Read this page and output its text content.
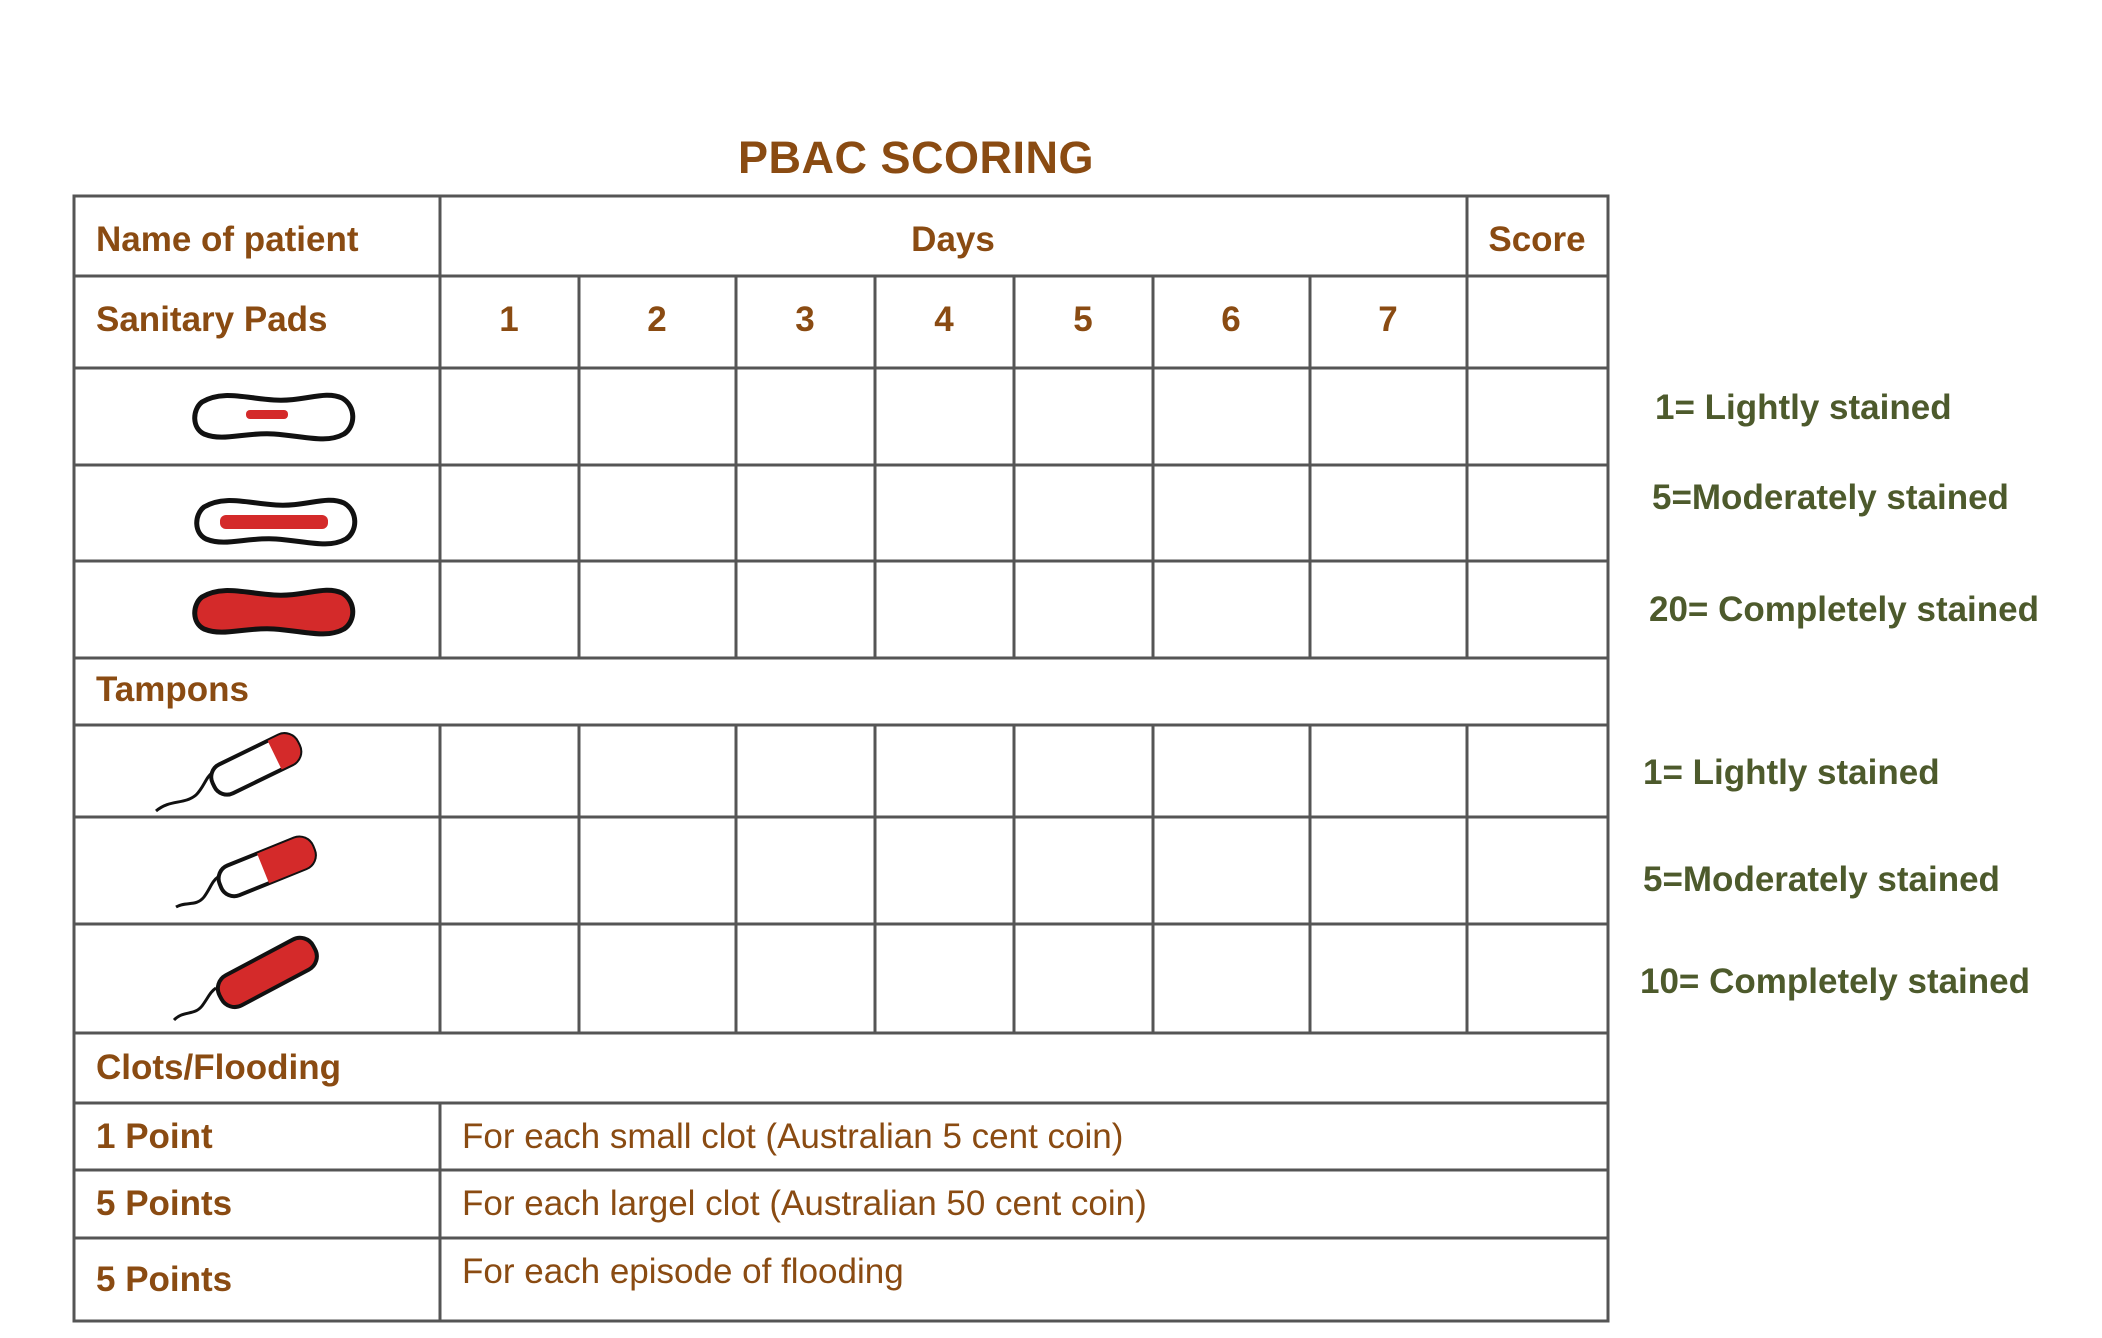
PBAC SCORING
Name of patient	Days	Score
Sanitary Pads	1	2	3	4	5	6	7
Tampons
Clots/Flooding
1 Point	For each small clot (Australian 5 cent coin)
5 Points	For each largel clot (Australian 50 cent coin)
5 Points	For each episode of flooding
1= Lightly stained
5=Moderately stained
20= Completely stained
1= Lightly stained
5=Moderately stained
10= Completely stained
